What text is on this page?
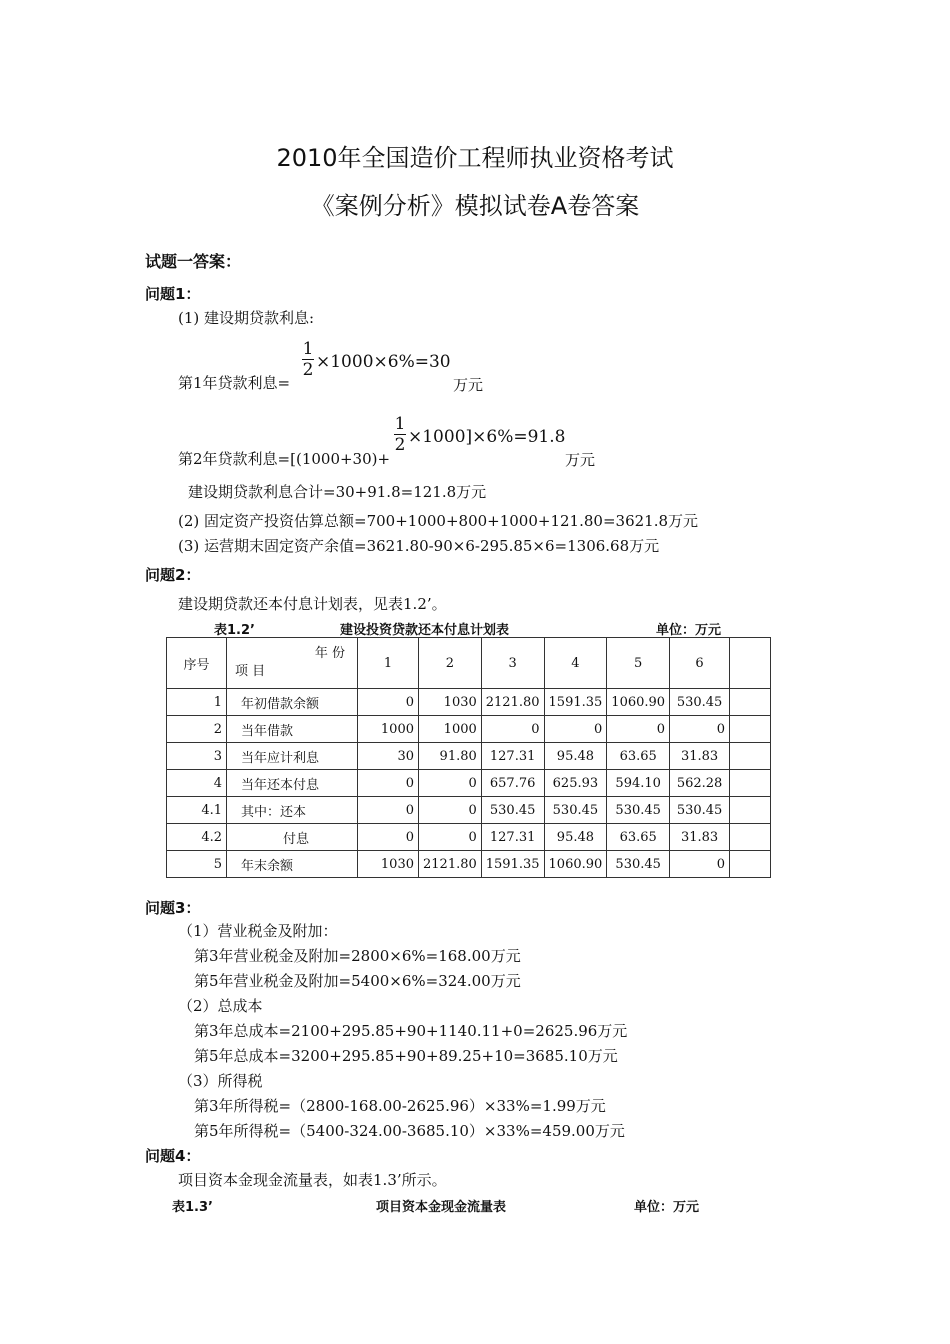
2010年全国造价工程师执业资格考试
《案例分析》模拟试卷A卷答案
试题一答案：
问题1：
(1) 建设期贷款利息:
第1年贷款利息=
1
2 ×1000×6%=30
万元
第2年贷款利息=[(1000+30)+
1
2 ×1000]×6%=91.8
万元
建设期贷款利息合计=30+91.8=121.8万元
(2) 固定资产投资估算总额=700+1000+800+1000+121.80=3621.8万元
(3) 运营期末固定资产余值=3621.80-90×6-295.85×6=1306.68万元
问题2：
建设期贷款还本付息计划表，见表1.2’。
表1.2’	建设投资贷款还本付息计划表	单位：万元
序号	年 份
项 目	1	2	3	4	5	6	
1	年初借款余额	0	1030	2121.80	1591.35	1060.90	530.45	
2	当年借款	1000	1000	0	0	0	0	
3	当年应计利息	30	91.80	127.31	95.48	63.65	31.83	
4	当年还本付息	0	0	657.76	625.93	594.10	562.28	
4.1	其中：还本	0	0	530.45	530.45	530.45	530.45	
4.2	付息	0	0	127.31	95.48	63.65	31.83	
5	年末余额	1030	2121.80	1591.35	1060.90	530.45	0	
问题3：
（1）营业税金及附加：
第3年营业税金及附加=2800×6%=168.00万元
第5年营业税金及附加=5400×6%=324.00万元
（2）总成本
第3年总成本=2100+295.85+90+1140.11+0=2625.96万元
第5年总成本=3200+295.85+90+89.25+10=3685.10万元
（3）所得税
第3年所得税=（2800-168.00-2625.96）×33%=1.99万元
第5年所得税=（5400-324.00-3685.10）×33%=459.00万元
问题4：
项目资本金现金流量表，如表1.3’所示。
表1.3’	项目资本金现金流量表	单位：万元
